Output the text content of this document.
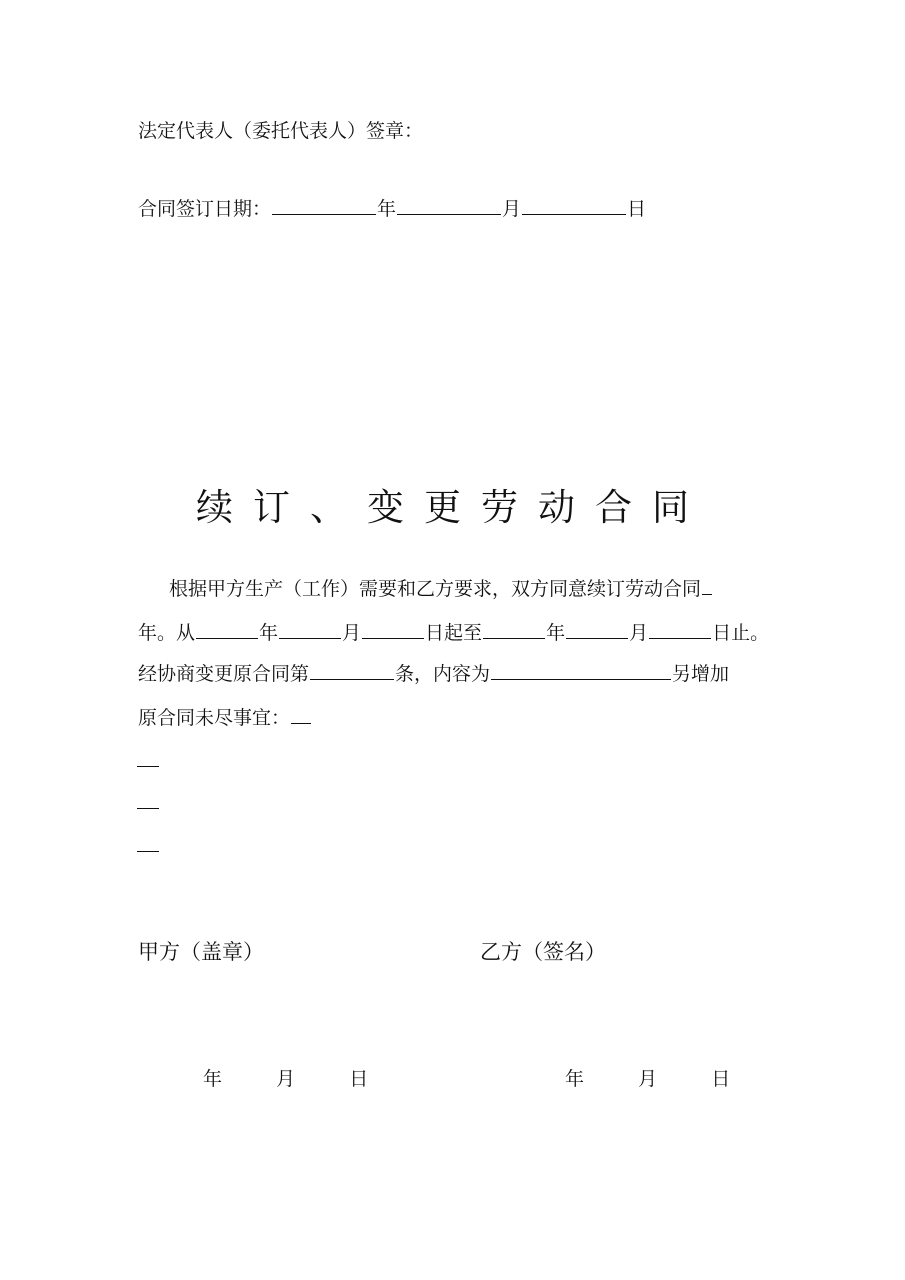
法定代表人（委托代表人）签章：
合同签订日期：	年	月	日
续订、变更劳动合同
根据甲方生产（工作）需要和乙方要求，双方同意续订劳动合同
年。从	年	月	日起至	年	月	日止。
经协商变更原合同第	条，内容为	另增加
原合同未尽事宜：
甲方（盖章）	乙方（签名）
年	月	日	年	月	日
